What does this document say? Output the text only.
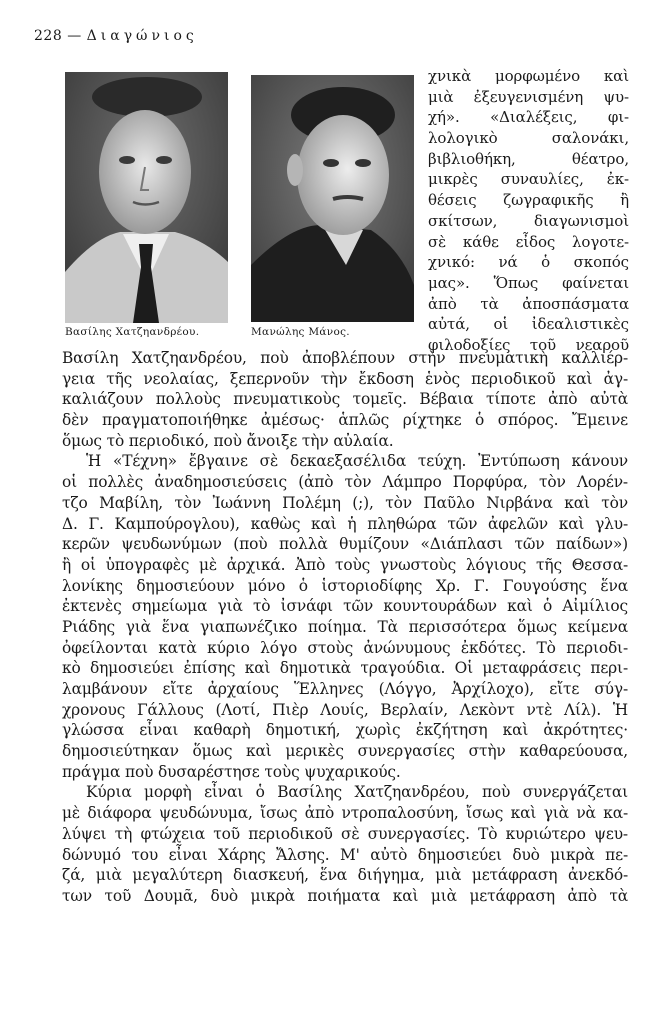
228 — Διαγώνιος
Βασίλης Χατζηανδρέου.	Μανώλης Μάνος.
χνικὰ μορφωμένο καὶ
μιὰ ἐξευγενισμένη ψυ-
χή». «Διαλέξεις, φι-
λολογικὸ σαλονάκι,
βιβλιοθήκη, θέατρο,
μικρὲς συναυλίες, ἐκ-
θέσεις ζωγραφικῆς ἢ
σκίτσων, διαγωνισμοὶ
σὲ κάθε εἶδος λογοτε-
χνικό: νά ὁ σκοπός
μας». Ὅπως φαίνεται
ἀπὸ τὰ ἀποσπάσματα
αὐτά, οἱ ἰδεαλιστικὲς
φιλοδοξίες τοῦ νεαροῦ
Βασίλη Χατζηανδρέου, ποὺ ἀποβλέπουν στὴν πνευματικὴ καλλιέρ-
γεια τῆς νεολαίας, ξεπερνοῦν τὴν ἔκδοση ἑνὸς περιοδικοῦ καὶ ἀγ-
καλιάζουν πολλοὺς πνευματικοὺς τομεῖς. Βέβαια τίποτε ἀπὸ αὐτὰ
δὲν πραγματοποιήθηκε ἀμέσως· ἁπλῶς ρίχτηκε ὁ σπόρος. Ἔμεινε
ὅμως τὸ περιοδικό, ποὺ ἄνοιξε τὴν αὐλαία.
Ἡ «Τέχνη» ἔβγαινε σὲ δεκαεξασέλιδα τεύχη. Ἐντύπωση κάνουν
οἱ πολλὲς ἀναδημοσιεύσεις (ἀπὸ τὸν Λάμπρο Πορφύρα, τὸν Λορέν-
τζο Μαβίλη, τὸν Ἰωάννη Πολέμη (;), τὸν Παῦλο Νιρβάνα καὶ τὸν
Δ. Γ. Καμπούρογλου), καθὼς καὶ ἡ πληθώρα τῶν ἀφελῶν καὶ γλυ-
κερῶν ψευδωνύμων (ποὺ πολλὰ θυμίζουν «Διάπλασι τῶν παίδων»)
ἢ οἱ ὑπογραφὲς μὲ ἀρχικά. Ἀπὸ τοὺς γνωστοὺς λόγιους τῆς Θεσσα-
λονίκης δημοσιεύουν μόνο ὁ ἱστοριοδίφης Χρ. Γ. Γουγούσης ἕνα
ἐκτενὲς σημείωμα γιὰ τὸ ἰσνάφι τῶν κουντουράδων καὶ ὁ Αἰμίλιος
Ριάδης γιὰ ἕνα γιαπωνέζικο ποίημα. Τὰ περισσότερα ὅμως κείμενα
ὀφείλονται κατὰ κύριο λόγο στοὺς ἀνώνυμους ἐκδότες. Τὸ περιοδι-
κὸ δημοσιεύει ἐπίσης καὶ δημοτικὰ τραγούδια. Οἱ μεταφράσεις περι-
λαμβάνουν εἴτε ἀρχαίους Ἕλληνες (Λόγγο, Ἀρχίλοχο), εἴτε σύγ-
χρονους Γάλλους (Λοτί, Πιὲρ Λουίς, Βερλαίν, Λεκὸντ ντὲ Λίλ). Ἡ
γλώσσα εἶναι καθαρὴ δημοτική, χωρὶς ἐκζήτηση καὶ ἀκρότητες·
δημοσιεύτηκαν ὅμως καὶ μερικὲς συνεργασίες στὴν καθαρεύουσα,
πράγμα ποὺ δυσαρέστησε τοὺς ψυχαρικούς.
Κύρια μορφὴ εἶναι ὁ Βασίλης Χατζηανδρέου, ποὺ συνεργάζεται
μὲ διάφορα ψευδώνυμα, ἴσως ἀπὸ ντροπαλοσύνη, ἴσως καὶ γιὰ νὰ κα-
λύψει τὴ φτώχεια τοῦ περιοδικοῦ σὲ συνεργασίες. Τὸ κυριώτερο ψευ-
δώνυμό του εἶναι Χάρης Ἄλσης. Μ' αὐτὸ δημοσιεύει δυὸ μικρὰ πε-
ζά, μιὰ μεγαλύτερη διασκευή, ἕνα διήγημα, μιὰ μετάφραση ἀνεκδό-
των τοῦ Δουμᾶ, δυὸ μικρὰ ποιήματα καὶ μιὰ μετάφραση ἀπὸ τὰ
